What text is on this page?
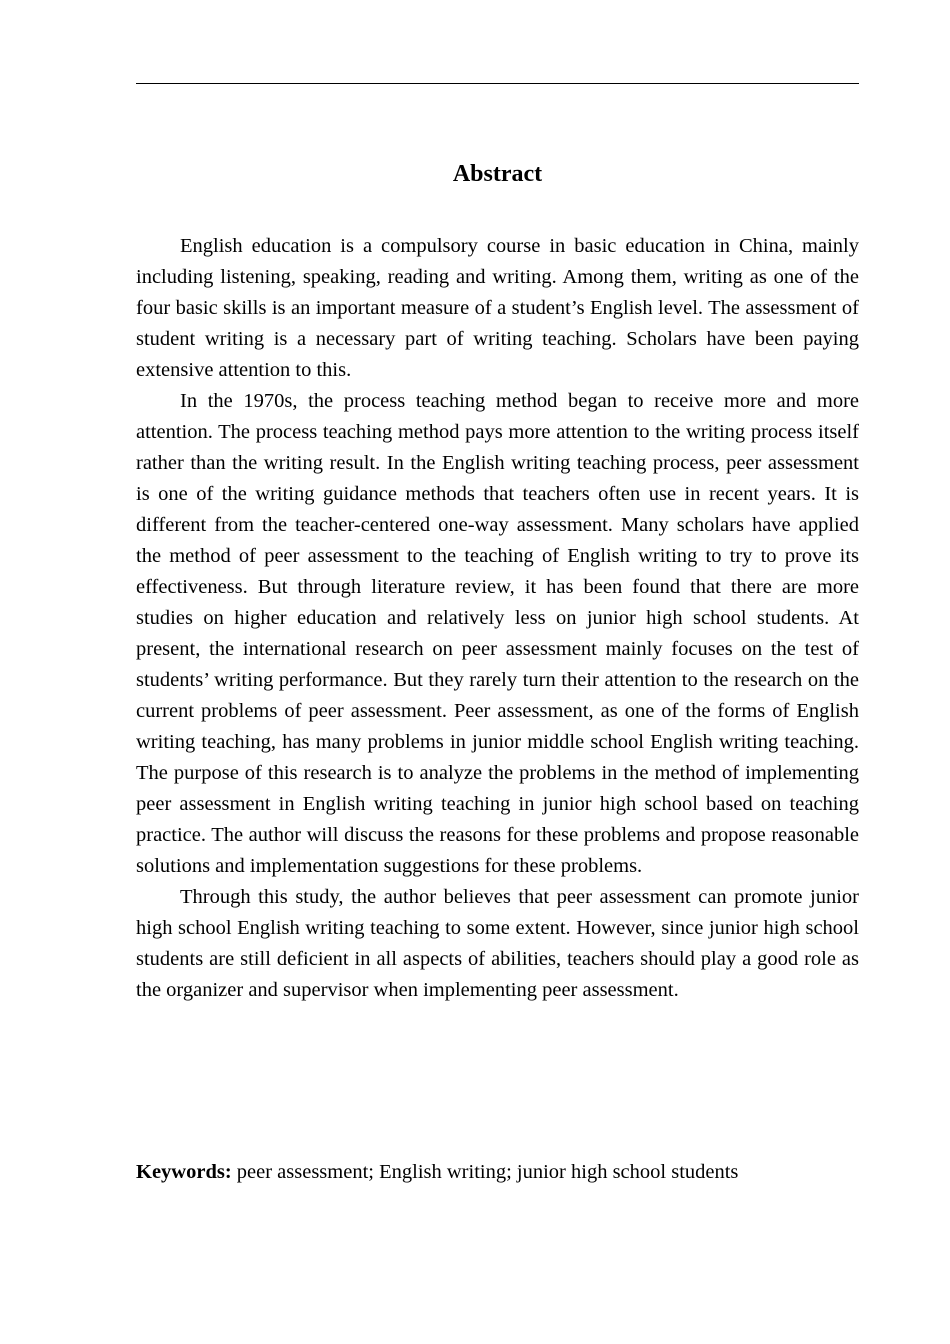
Abstract

English education is a compulsory course in basic education in China, mainly including listening, speaking, reading and writing. Among them, writing as one of the four basic skills is an important measure of a student’s English level. The assessment of student writing is a necessary part of writing teaching. Scholars have been paying extensive attention to this.

In the 1970s, the process teaching method began to receive more and more attention. The process teaching method pays more attention to the writing process itself rather than the writing result. In the English writing teaching process, peer assessment is one of the writing guidance methods that teachers often use in recent years. It is different from the teacher-centered one-way assessment. Many scholars have applied the method of peer assessment to the teaching of English writing to try to prove its effectiveness. But through literature review, it has been found that there are more studies on higher education and relatively less on junior high school students. At present, the international research on peer assessment mainly focuses on the test of students’ writing performance. But they rarely turn their attention to the research on the current problems of peer assessment. Peer assessment, as one of the forms of English writing teaching, has many problems in junior middle school English writing teaching. The purpose of this research is to analyze the problems in the method of implementing peer assessment in English writing teaching in junior high school based on teaching practice. The author will discuss the reasons for these problems and propose reasonable solutions and implementation suggestions for these problems.

Through this study, the author believes that peer assessment can promote junior high school English writing teaching to some extent. However, since junior high school students are still deficient in all aspects of abilities, teachers should play a good role as the organizer and supervisor when implementing peer assessment.

Keywords: peer assessment; English writing; junior high school students
